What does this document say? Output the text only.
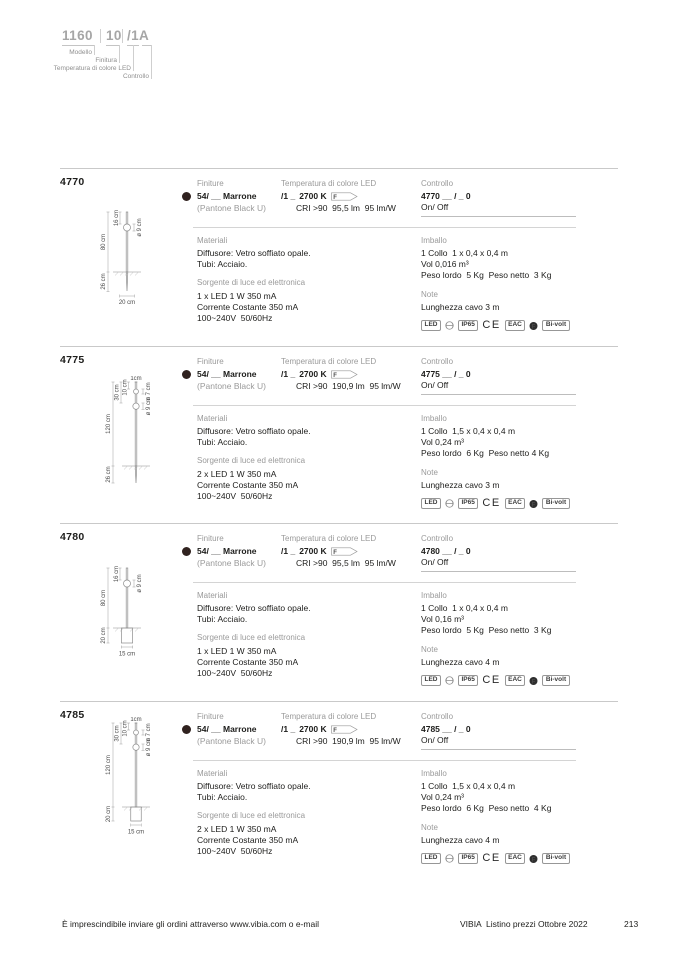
1160 10 /1A
Modello
Finitura
Temperatura di colore LED
Controllo
4770
80 cm
26 cm
16 cm
ø 9 cm
20 cm
Finiture
54/ __ Marrone
(Pantone Black U)
Temperatura di colore LED
/1 _ 2700 K F
CRI >90  95,5 lm  95 lm/W
Controllo
4770 __ / _ 0
On/ Off
Materiali
Diffusore: Vetro soffiato opale.
Tubi: Acciaio.
Sorgente di luce ed elettronica
1 x LED 1 W 350 mA
Corrente Costante 350 mA
100~240V  50/60Hz
Imballo
1 Collo  1 x 0,4 x 0,4 m
Vol 0,016 m³
Peso lordo  5 Kg  Peso netto  3 Kg
Note
Lunghezza cavo 3 m
LED	IP65 CE	EAC	F	Bi-volt
4775
1cm
120 cm
26 cm
30 cm 10 cm	ø 7 cm
ø 9 cm
Finiture
54/ __ Marrone
(Pantone Black U)
Temperatura di colore LED
/1 _ 2700 K F
CRI >90  190,9 lm  95 lm/W
Controllo
4775 __ / _ 0
On/ Off
Materiali
Diffusore: Vetro soffiato opale.
Tubi: Acciaio.
Sorgente di luce ed elettronica
2 x LED 1 W 350 mA
Corrente Costante 350 mA
100~240V  50/60Hz
Imballo
1 Collo  1,5 x 0,4 x 0,4 m
Vol 0,24 m³
Peso lordo  6 Kg  Peso netto 4 Kg
Note
Lunghezza cavo 3 m
LED	IP65 CE	EAC	F	Bi-volt
4780
80 cm
20 cm
16 cm
ø 9 cm
15 cm
Finiture
54/ __ Marrone
(Pantone Black U)
Temperatura di colore LED
/1 _ 2700 K F
CRI >90  95,5 lm  95 lm/W
Controllo
4780 __ / _ 0
On/ Off
Materiali
Diffusore: Vetro soffiato opale.
Tubi: Acciaio.
Sorgente di luce ed elettronica
1 x LED 1 W 350 mA
Corrente Costante 350 mA
100~240V  50/60Hz
Imballo
1 Collo  1 x 0,4 x 0,4 m
Vol 0,16 m³
Peso lordo  5 Kg  Peso netto  3 Kg
Note
Lunghezza cavo 4 m
LED	IP65 CE	EAC	F	Bi-volt
4785	1cm
120 cm
20 cm
30 cm 10 cm	ø 7 cm
ø 9 cm
15 cm
Finiture
54/ __ Marrone
(Pantone Black U)
Temperatura di colore LED
/1 _ 2700 K F
CRI >90  190,9 lm  95 lm/W
Controllo
4785 __ / _ 0
On/ Off
Materiali
Diffusore: Vetro soffiato opale.
Tubi: Acciaio.
Sorgente di luce ed elettronica
2 x LED 1 W 350 mA
Corrente Costante 350 mA
100~240V  50/60Hz
Imballo
1 Collo  1,5 x 0,4 x 0,4 m
Vol 0,24 m³
Peso lordo  6 Kg  Peso netto  4 Kg
Note
Lunghezza cavo 4 m
LED	IP65 CE	EAC	F	Bi-volt
È imprescindibile inviare gli ordini attraverso www.vibia.com o e-mail	VIBIA  Listino prezzi Ottobre 2022	213
